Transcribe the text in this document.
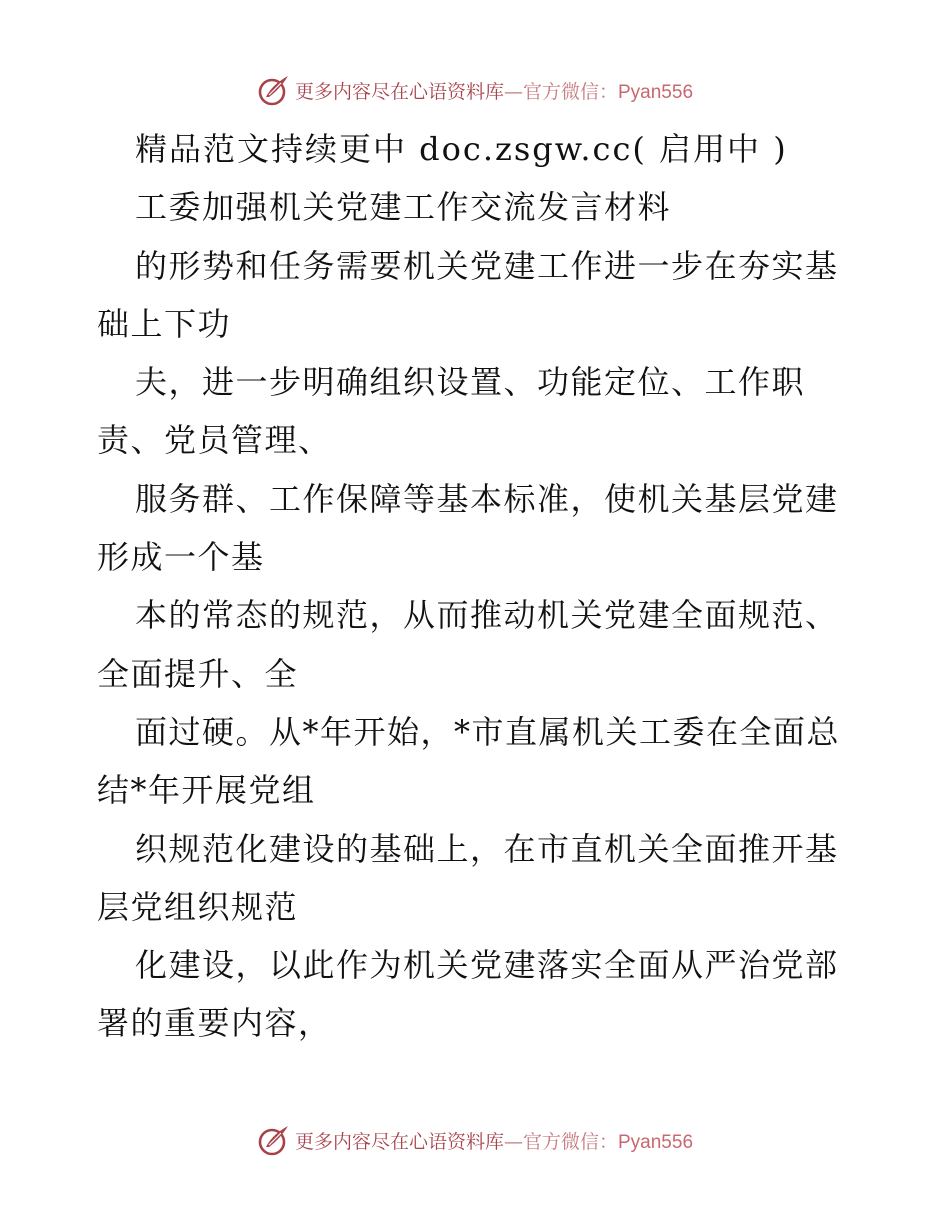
更多内容尽在心语资料库—官方微信：Pyan556
精品范文持续更中 doc.zsgw.cc( 启用中 )
工委加强机关党建工作交流发言材料
的形势和任务需要机关党建工作进一步在夯实基
础上下功
夫，进一步明确组织设置、功能定位、工作职
责、党员管理、
服务群、工作保障等基本标准，使机关基层党建
形成一个基
本的常态的规范，从而推动机关党建全面规范、
全面提升、全
面过硬。从*年开始，*市直属机关工委在全面总
结*年开展党组
织规范化建设的基础上，在市直机关全面推开基
层党组织规范
化建设，以此作为机关党建落实全面从严治党部
署的重要内容，
更多内容尽在心语资料库—官方微信：Pyan556
